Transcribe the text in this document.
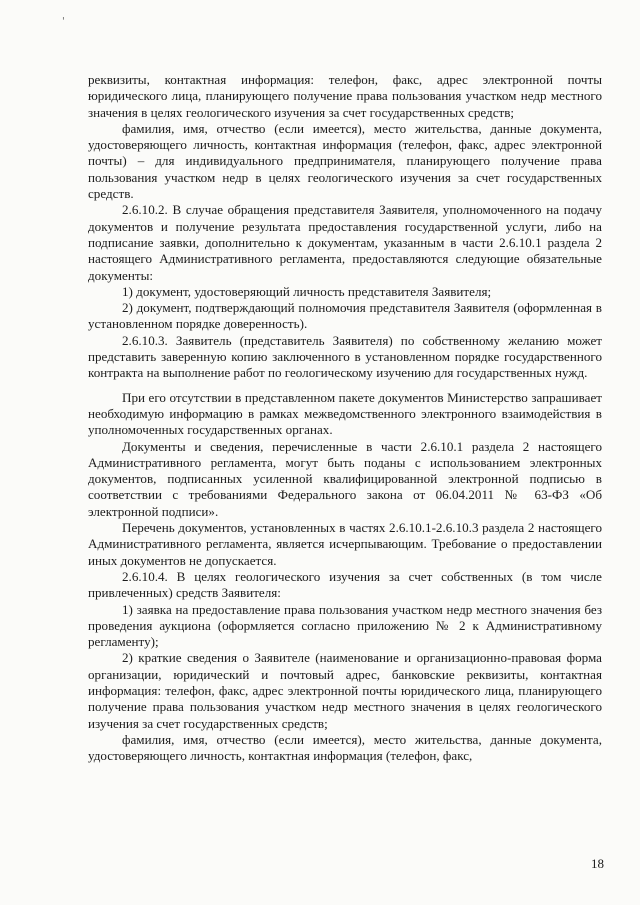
'

реквизиты, контактная информация: телефон, факс, адрес электронной почты юридического лица, планирующего получение права пользования участком недр местного значения в целях геологического изучения за счет государственных средств;

фамилия, имя, отчество (если имеется), место жительства, данные документа, удостоверяющего личность, контактная информация (телефон, факс, адрес электронной почты) – для индивидуального предпринимателя, планирующего получение права пользования участком недр в целях геологического изучения за счет государственных средств.

2.6.10.2. В случае обращения представителя Заявителя, уполномоченного на подачу документов и получение результата предоставления государственной услуги, либо на подписание заявки, дополнительно к документам, указанным в части 2.6.10.1 раздела 2 настоящего Административного регламента, предоставляются следующие обязательные документы:

1) документ, удостоверяющий личность представителя Заявителя;

2) документ, подтверждающий полномочия представителя Заявителя (оформленная в установленном порядке доверенность).

2.6.10.3. Заявитель (представитель Заявителя) по собственному желанию может представить заверенную копию заключенного в установленном порядке государственного контракта на выполнение работ по геологическому изучению для государственных нужд.

При его отсутствии в представленном пакете документов Министерство запрашивает необходимую информацию в рамках межведомственного электронного взаимодействия в уполномоченных государственных органах.

Документы и сведения, перечисленные в части 2.6.10.1 раздела 2 настоящего Административного регламента, могут быть поданы с использованием электронных документов, подписанных усиленной квалифицированной электронной подписью в соответствии с требованиями Федерального закона от 06.04.2011 № 63-ФЗ «Об электронной подписи».

Перечень документов, установленных в частях 2.6.10.1-2.6.10.3 раздела 2 настоящего Административного регламента, является исчерпывающим. Требование о предоставлении иных документов не допускается.

2.6.10.4. В целях геологического изучения за счет собственных (в том числе привлеченных) средств Заявителя:

1) заявка на предоставление права пользования участком недр местного значения без проведения аукциона (оформляется согласно приложению № 2 к Административному регламенту);

2) краткие сведения о Заявителе (наименование и организационно-правовая форма организации, юридический и почтовый адрес, банковские реквизиты, контактная информация: телефон, факс, адрес электронной почты юридического лица, планирующего получение права пользования участком недр местного значения в целях геологического изучения за счет государственных средств;

фамилия, имя, отчество (если имеется), место жительства, данные документа, удостоверяющего личность, контактная информация (телефон, факс,

18
